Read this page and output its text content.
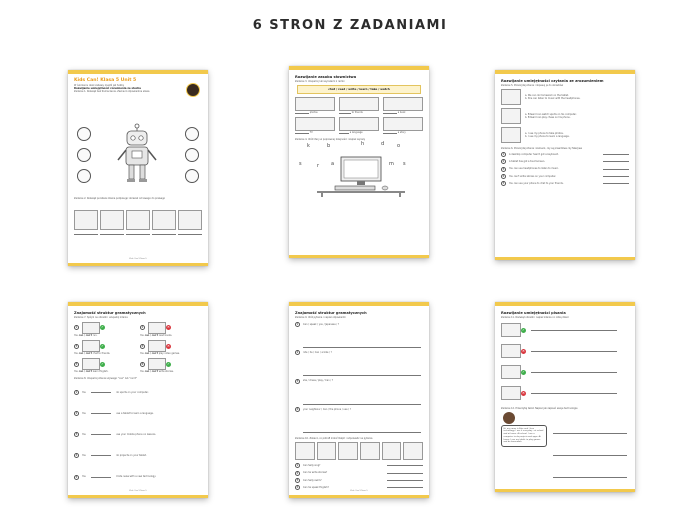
6 STRON Z ZADANIAMI
Kids Can! Klasa 5 Unit 5
W ćwiczeniu obok zabawy znajdź jak hobby
Rozwijanie umiejętności rozumienia ze słuchu
Zadanie 1. Rozwiąż bez tłumaczenia. Zaznacz odpowiednie słowa
Zadanie 2. Rozwiąż poniższe zdania podpisując obrazek od lewego do prawego
Kids Can! Klasa 5
Rozwijanie zasobu słownictwa
Zadanie 3. Uzupełnij luki wyrazami z ramki
chat / read / write / learn / take / watch
photos	to friends	a book
TV	a language	a story
Zadanie 4. Ułóż litery w poprawnej kolejności i zapisz wyrazy
k	b	h	d	o
s	r a	m s
Rozwijanie umiejętności czytania ze zrozumieniem
Zadanie 5. Przeczytaj zdania i dopasuj je do obrazków
a. We can do homework on the tablet.
b. She can listen to music with the headphones.
a. Edward can watch sports on his computer.
b. Edward can play chess on his phone.
a. I use my phone to take photos.
b. I use my phone to learn a language.
Zadanie 6. Przeczytaj zdania i zaznacz, czy są prawdziwe czy fałszywe
1	A desktop computer hasn't got a keyboard.
2	A tablet has got a touchscreen.
3	You can use headphones to listen to music.
4	You can't write stories on your computer.
5	You can use your phone to chat to your friends.
Znajomość struktur gramatycznych
Zadanie 7. Spójrz na obrazki i uzupełnij zdania
1	✓
You can / can't run.
2	✕
You can / can't read books.
3	✓
You can / can't chat to friends.
4	✕
You can / can't play video games.
5	✓
You can / can't learn English.
6	✓
You can / can't write stories.
Zadanie 8. Uzupełnij zdania używając "can" lub "can't"
1	You

	do sports on your computer.
2	You

	use a tablet to learn a language.
3	You

	use your mobile phone on lessons.
4	You

	do projects on your tablet.
5	You

	Unite news with a new technology.
Kids Can! Klasa 5
Znajomość struktur gramatycznych
Zadanie 9. Ułóż pytania i napisz odpowiedzi
1	Can / speak / you / Japanese / ?
2	ride / he / Can / a bike / ?
3	she / chess / play / Can / ?
4	your neighbour / Can / the phone / use / ?
Zadanie 10. Zobacz, co potrafi zrobić Ralph i odpowiedz na pytania
1	Can Sally sing?
2	Can he write stories?
3	Can Sally swim?
4	Can he speak English?
Kids Can! Klasa 5
Rozwijanie umiejętności pisania
Zadanie 11. Rozwiąż obrazki i napisz zdania co robią dzieci
✓

✕

✓

✕

Zadanie 12. Przeczytaj tekst. Napisz jak zapisać swoje technologie
Hi, my name is Kate and I love technology. I use it everyday - at school and at home. At school, I use a computer to do projects and apps. At home, I use my tablet to play games and do homework.
